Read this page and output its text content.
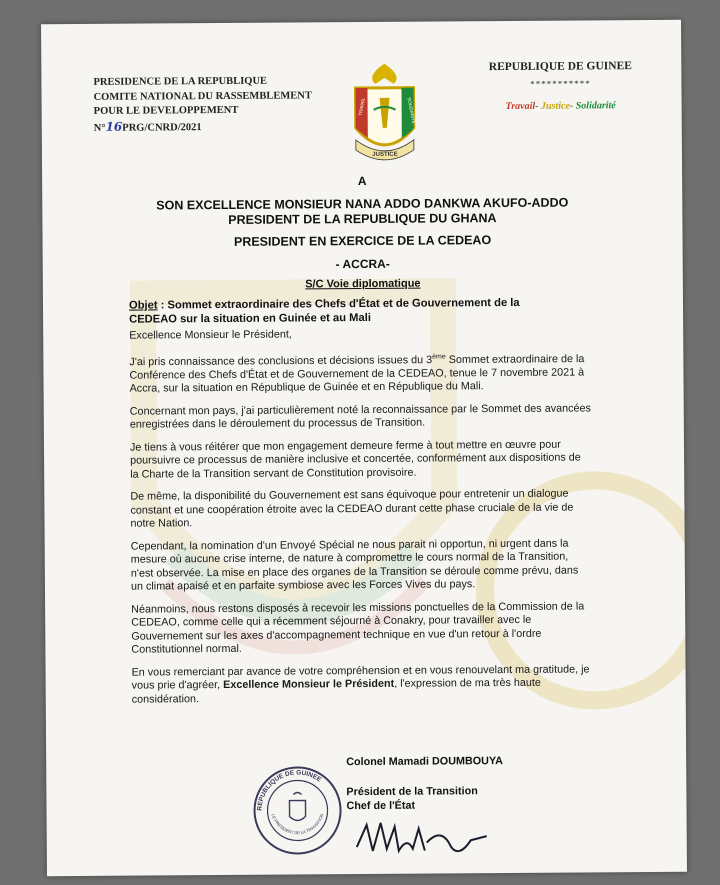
PRESIDENCE DE LA REPUBLIQUE
COMITE NATIONAL DU RASSEMBLEMENT
POUR LE DEVELOPPEMENT

N°16PRG/CNRD/2021
JUSTICE
TRAVAIL	SOLIDARITE
REPUBLIQUE DE GUINEE
***********
Travail- Justice- Solidarité
A
SON EXCELLENCE MONSIEUR NANA ADDO DANKWA AKUFO-ADDO
PRESIDENT DE LA REPUBLIQUE DU GHANA
PRESIDENT EN EXERCICE DE LA CEDEAO
- ACCRA-
S/C Voie diplomatique
Objet : Sommet extraordinaire des Chefs d'État et de Gouvernement de la CEDEAO sur la situation en Guinée et au Mali

Excellence Monsieur le Président,

J'ai pris connaissance des conclusions et décisions issues du 3ème Sommet extraordinaire de la Conférence des Chefs d'État et de Gouvernement de la CEDEAO, tenue le 7 novembre 2021 à Accra, sur la situation en République de Guinée et en République du Mali.

Concernant mon pays, j'ai particulièrement noté la reconnaissance par le Sommet des avancées enregistrées dans le déroulement du processus de Transition.

Je tiens à vous réitérer que mon engagement demeure ferme à tout mettre en œuvre pour poursuivre ce processus de manière inclusive et concertée, conformément aux dispositions de la Charte de la Transition servant de Constitution provisoire.

De même, la disponibilité du Gouvernement est sans équivoque pour entretenir un dialogue constant et une coopération étroite avec la CEDEAO durant cette phase cruciale de la vie de notre Nation.

Cependant, la nomination d'un Envoyé Spécial ne nous parait ni opportun, ni urgent dans la mesure où aucune crise interne, de nature à compromettre le cours normal de la Transition, n'est observée. La mise en place des organes de la Transition se déroule comme prévu, dans un climat apaisé et en parfaite symbiose avec les Forces Vives du pays.

Néanmoins, nous restons disposés à recevoir les missions ponctuelles de la Commission de la CEDEAO, comme celle qui a récemment séjourné à Conakry, pour travailler avec le Gouvernement sur les axes d'accompagnement technique en vue d'un retour à l'ordre Constitutionnel normal.

En vous remerciant par avance de votre compréhension et en vous renouvelant ma gratitude, je vous prie d'agréer, Excellence Monsieur le Président, l'expression de ma très haute considération.

REPUBLIQUE DE GUINEE
LE PRESIDENT DE LA TRANSITION
Colonel Mamadi DOUMBOUYA
Président de la Transition
Chef de l'État
